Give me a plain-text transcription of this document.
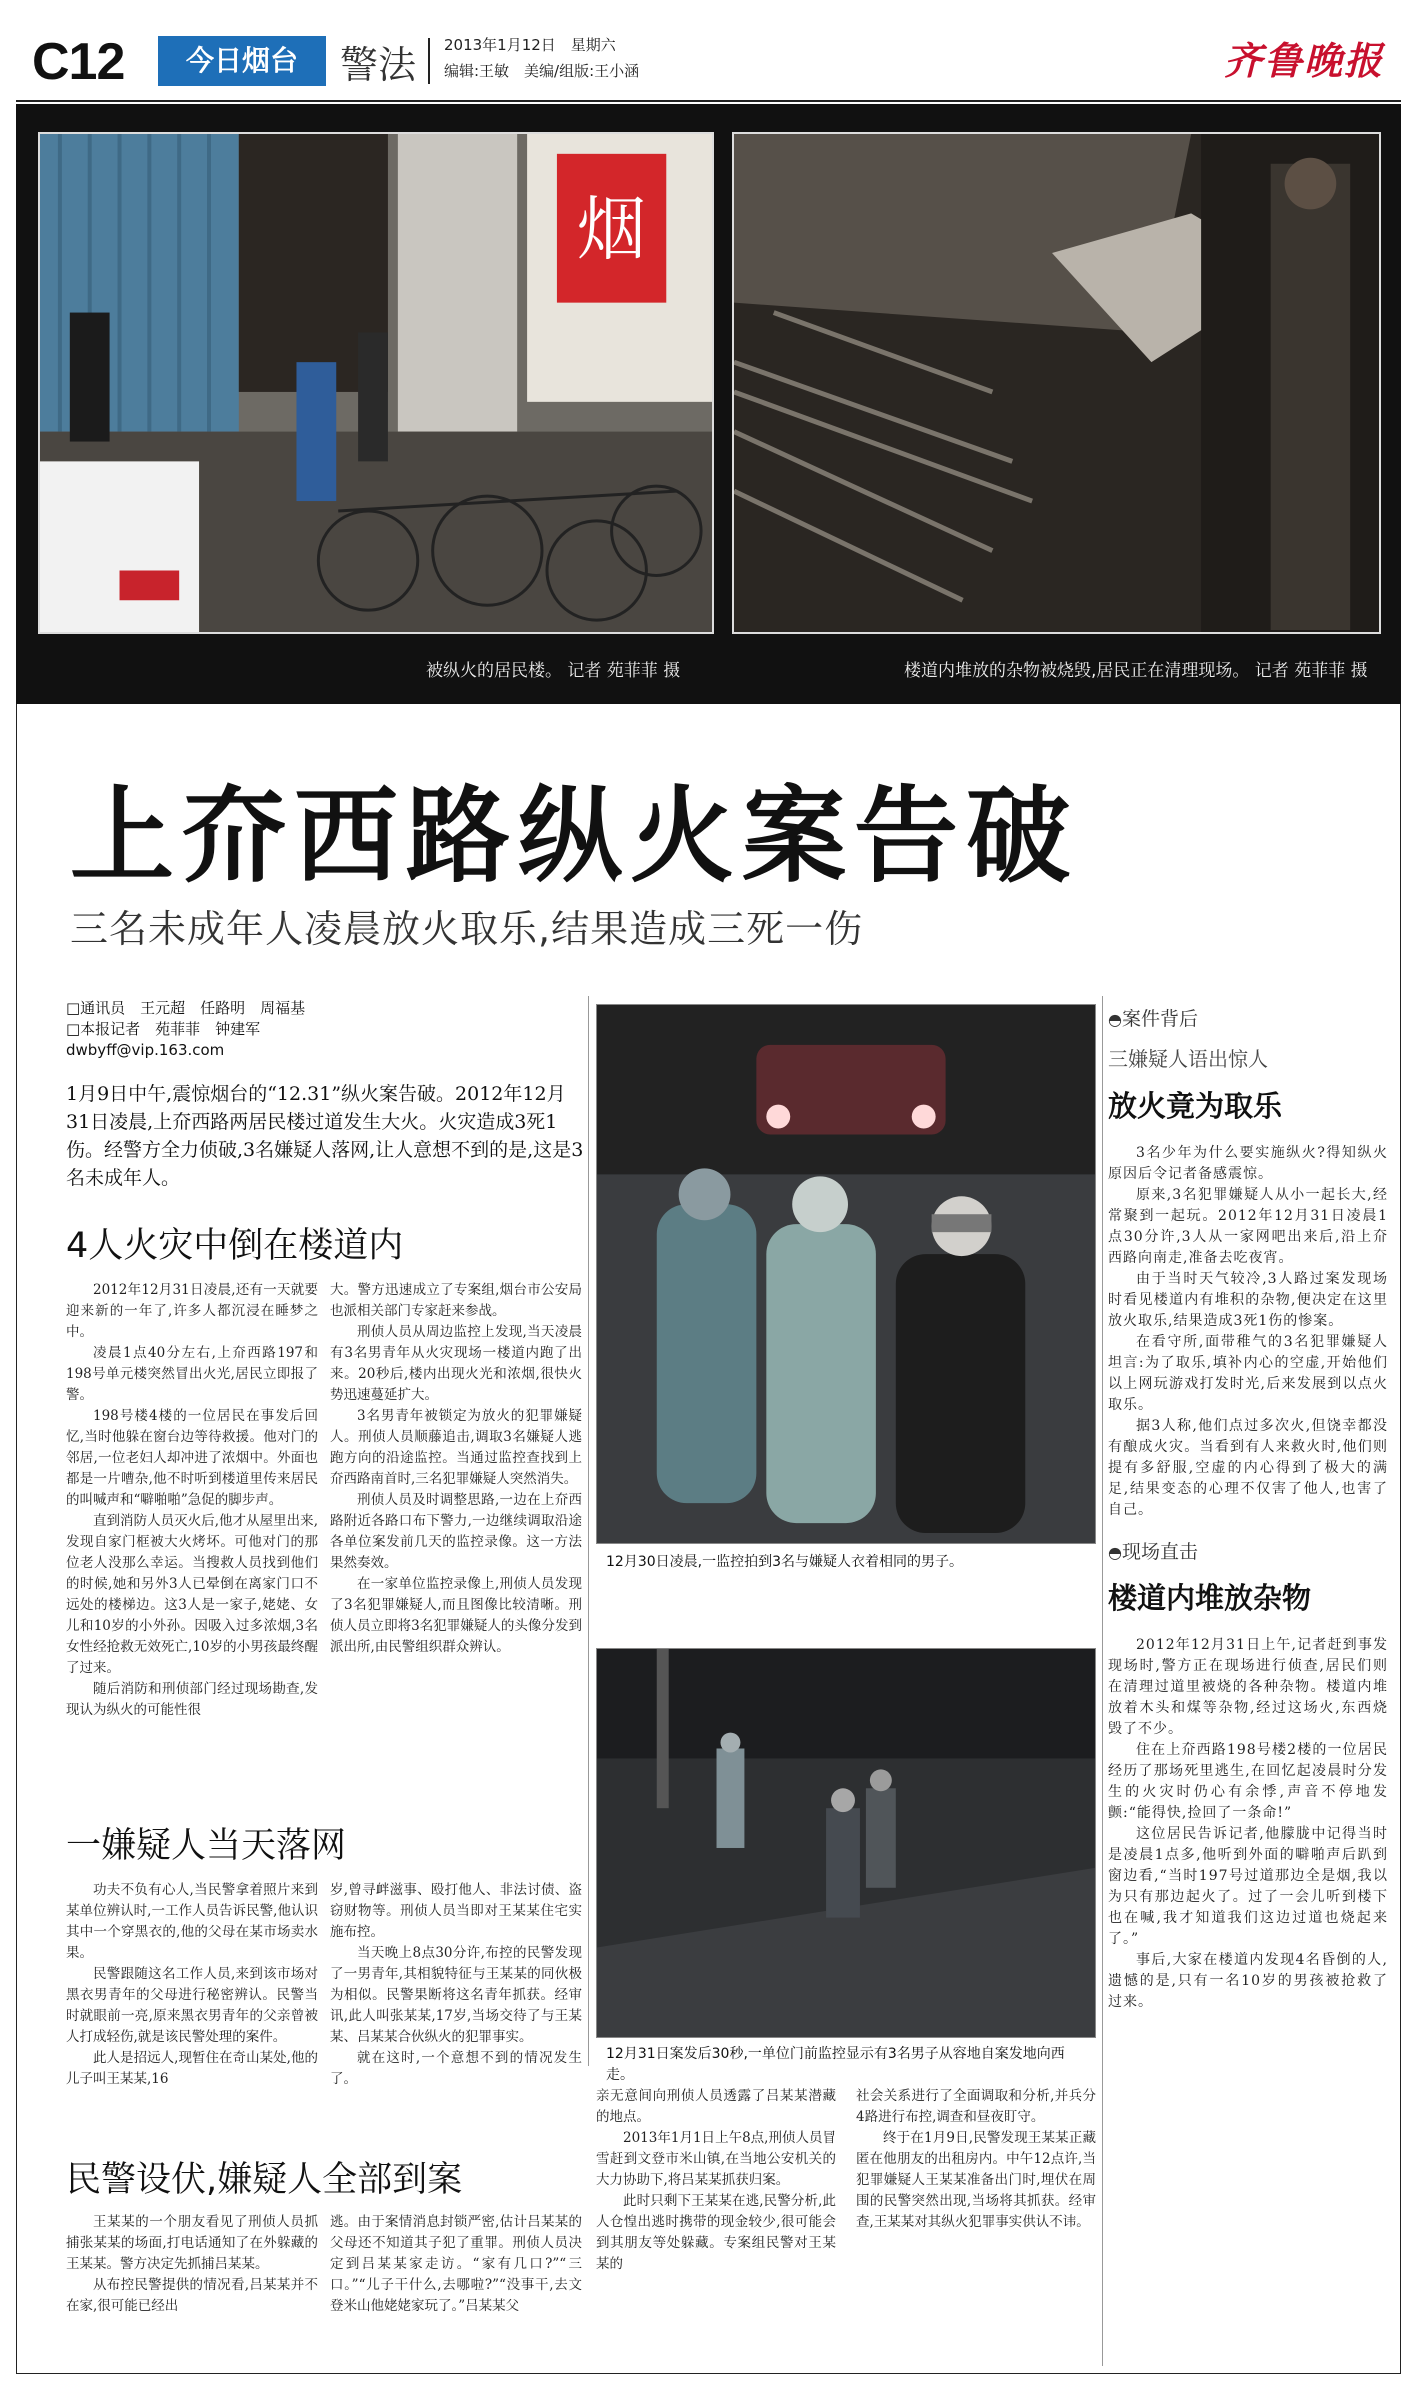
C12	今日烟台	警法 2013年1月12日　星期六
编辑:王敏　美编/组版:王小涵	齐鲁晚报
烟
被纵火的居民楼。 记者 苑菲菲 摄	楼道内堆放的杂物被烧毁,居民正在清理现场。 记者 苑菲菲 摄
上夼西路纵火案告破
三名未成年人凌晨放火取乐,结果造成三死一伤
□通讯员　王元超　任路明　周福基
□本报记者　苑菲菲　钟建军
dwbyff@vip.163.com

1月9日中午,震惊烟台的“12.31”纵火案告破。2012年12月31日凌晨,上夼西路两居民楼过道发生大火。火灾造成3死1伤。经警方全力侦破,3名嫌疑人落网,让人意想不到的是,这是3名未成年人。

4人火灾中倒在楼道内

2012年12月31日凌晨,还有一天就要迎来新的一年了,许多人都沉浸在睡梦之中。

凌晨1点40分左右,上夼西路197和198号单元楼突然冒出火光,居民立即报了警。

198号楼4楼的一位居民在事发后回忆,当时他躲在窗台边等待救援。他对门的邻居,一位老妇人却冲进了浓烟中。外面也都是一片嘈杂,他不时听到楼道里传来居民的叫喊声和“噼啪啪”急促的脚步声。

直到消防人员灭火后,他才从屋里出来,发现自家门框被大火烤坏。可他对门的那位老人没那么幸运。当搜救人员找到他们的时候,她和另外3人已晕倒在离家门口不远处的楼梯边。这3人是一家子,姥姥、女儿和10岁的小外孙。因吸入过多浓烟,3名女性经抢救无效死亡,10岁的小男孩最终醒了过来。

随后消防和刑侦部门经过现场勘查,发现认为纵火的可能性很

大。警方迅速成立了专案组,烟台市公安局也派相关部门专家赶来参战。

刑侦人员从周边监控上发现,当天凌晨有3名男青年从火灾现场一楼道内跑了出来。20秒后,楼内出现火光和浓烟,很快火势迅速蔓延扩大。

3名男青年被锁定为放火的犯罪嫌疑人。刑侦人员顺藤追击,调取3名嫌疑人逃跑方向的沿途监控。当通过监控查找到上夼西路南首时,三名犯罪嫌疑人突然消失。

刑侦人员及时调整思路,一边在上夼西路附近各路口布下警力,一边继续调取沿途各单位案发前几天的监控录像。这一方法果然奏效。

在一家单位监控录像上,刑侦人员发现了3名犯罪嫌疑人,而且图像比较清晰。刑侦人员立即将3名犯罪嫌疑人的头像分发到派出所,由民警组织群众辨认。

一嫌疑人当天落网

功夫不负有心人,当民警拿着照片来到某单位辨认时,一工作人员告诉民警,他认识其中一个穿黑衣的,他的父母在某市场卖水果。

民警跟随这名工作人员,来到该市场对黑衣男青年的父母进行秘密辨认。民警当时就眼前一亮,原来黑衣男青年的父亲曾被人打成轻伤,就是该民警处理的案件。

此人是招远人,现暂住在奇山某处,他的儿子叫王某某,16

岁,曾寻衅滋事、殴打他人、非法讨债、盗窃财物等。刑侦人员当即对王某某住宅实施布控。

当天晚上8点30分许,布控的民警发现了一男青年,其相貌特征与王某某的同伙极为相似。民警果断将这名青年抓获。经审讯,此人叫张某某,17岁,当场交待了与王某某、吕某某合伙纵火的犯罪事实。

就在这时,一个意想不到的情况发生了。

民警设伏,嫌疑人全部到案

王某某的一个朋友看见了刑侦人员抓捕张某某的场面,打电话通知了在外躲藏的王某某。警方决定先抓捕吕某某。

从布控民警提供的情况看,吕某某并不在家,很可能已经出

逃。由于案情消息封锁严密,估计吕某某的父母还不知道其子犯了重罪。刑侦人员决定到吕某某家走访。“家有几口?”“三口。”“儿子干什么,去哪啦?”“没事干,去文登米山他姥姥家玩了。”吕某某父

亲无意间向刑侦人员透露了吕某某潜藏的地点。

2013年1月1日上午8点,刑侦人员冒雪赶到文登市米山镇,在当地公安机关的大力协助下,将吕某某抓获归案。

此时只剩下王某某在逃,民警分析,此人仓惶出逃时携带的现金较少,很可能会到其朋友等处躲藏。专案组民警对王某某的

社会关系进行了全面调取和分析,并兵分4路进行布控,调查和昼夜盯守。

终于在1月9日,民警发现王某某正藏匿在他朋友的出租房内。中午12点许,当犯罪嫌疑人王某某准备出门时,埋伏在周围的民警突然出现,当场将其抓获。经审查,王某某对其纵火犯罪事实供认不讳。

12月30日凌晨,一监控拍到3名与嫌疑人衣着相同的男子。
12月31日案发后30秒,一单位门前监控显示有3名男子从容地自案发地向西走。
◓案件背后
三嫌疑人语出惊人
放火竟为取乐

3名少年为什么要实施纵火?得知纵火原因后令记者备感震惊。

原来,3名犯罪嫌疑人从小一起长大,经常聚到一起玩。2012年12月31日凌晨1点30分许,3人从一家网吧出来后,沿上夼西路向南走,准备去吃夜宵。

由于当时天气较冷,3人路过案发现场时看见楼道内有堆积的杂物,便决定在这里放火取乐,结果造成3死1伤的惨案。

在看守所,面带稚气的3名犯罪嫌疑人坦言:为了取乐,填补内心的空虚,开始他们以上网玩游戏打发时光,后来发展到以点火取乐。

据3人称,他们点过多次火,但饶幸都没有酿成火灾。当看到有人来救火时,他们则提有多舒服,空虚的内心得到了极大的满足,结果变态的心理不仅害了他人,也害了自己。

◓现场直击
楼道内堆放杂物

2012年12月31日上午,记者赶到事发现场时,警方正在现场进行侦查,居民们则在清理过道里被烧的各种杂物。楼道内堆放着木头和煤等杂物,经过这场火,东西烧毁了不少。

住在上夼西路198号楼2楼的一位居民经历了那场死里逃生,在回忆起凌晨时分发生的火灾时仍心有余悸,声音不停地发颤:“能得快,捡回了一条命!”

这位居民告诉记者,他朦胧中记得当时是凌晨1点多,他听到外面的噼啪声后趴到窗边看,“当时197号过道那边全是烟,我以为只有那边起火了。过了一会儿听到楼下也在喊,我才知道我们这边过道也烧起来了。”

事后,大家在楼道内发现4名昏倒的人,遗憾的是,只有一名10岁的男孩被抢救了过来。
